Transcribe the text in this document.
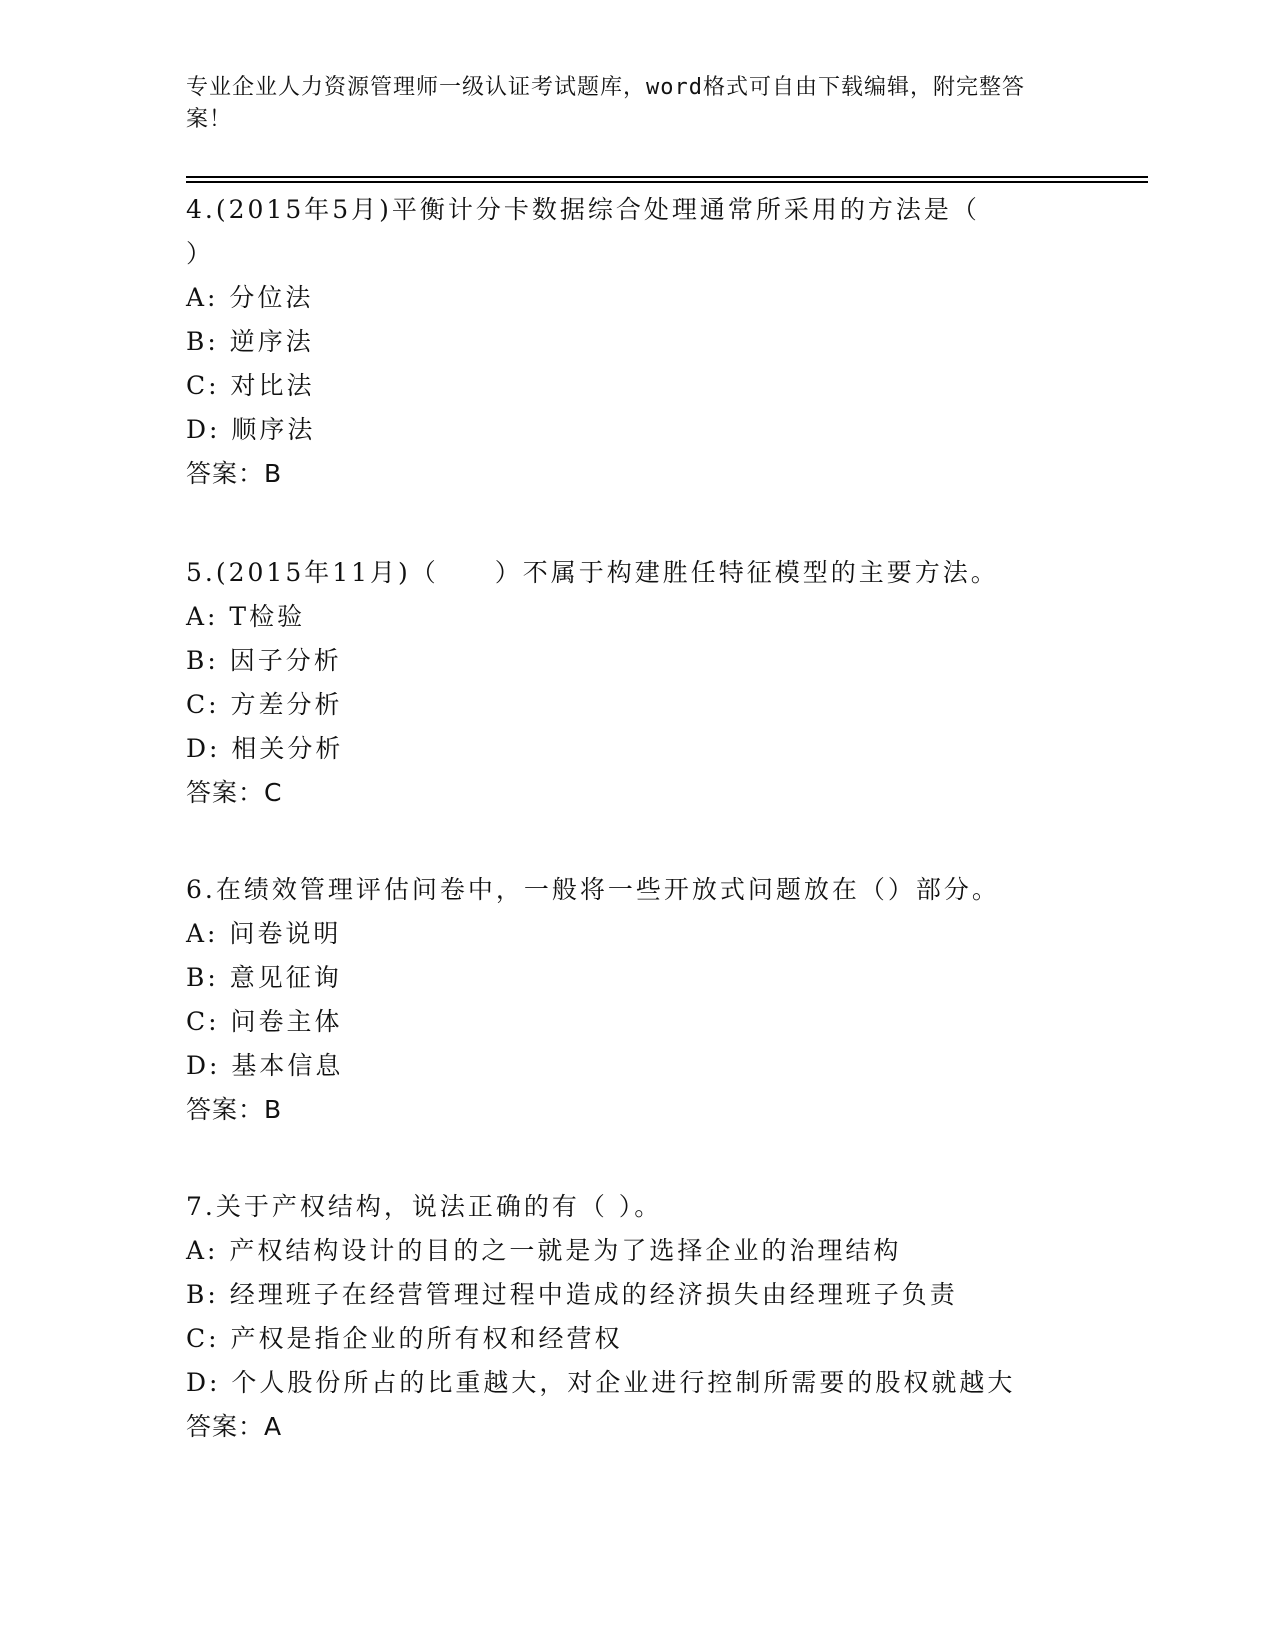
专业企业人力资源管理师一级认证考试题库，word格式可自由下载编辑，附完整答案！
4.(2015年5月)平衡计分卡数据综合处理通常所采用的方法是（ ）
A: 分位法
B: 逆序法
C: 对比法
D: 顺序法
答案：B
5.(2015年11月)（　　）不属于构建胜任特征模型的主要方法。
A: T检验
B: 因子分析
C: 方差分析
D: 相关分析
答案：C
6.在绩效管理评估问卷中，一般将一些开放式问题放在（）部分。
A: 问卷说明
B: 意见征询
C: 问卷主体
D: 基本信息
答案：B
7.关于产权结构，说法正确的有（ ）。
A: 产权结构设计的目的之一就是为了选择企业的治理结构
B: 经理班子在经营管理过程中造成的经济损失由经理班子负责
C: 产权是指企业的所有权和经营权
D: 个人股份所占的比重越大，对企业进行控制所需要的股权就越大
答案：A
